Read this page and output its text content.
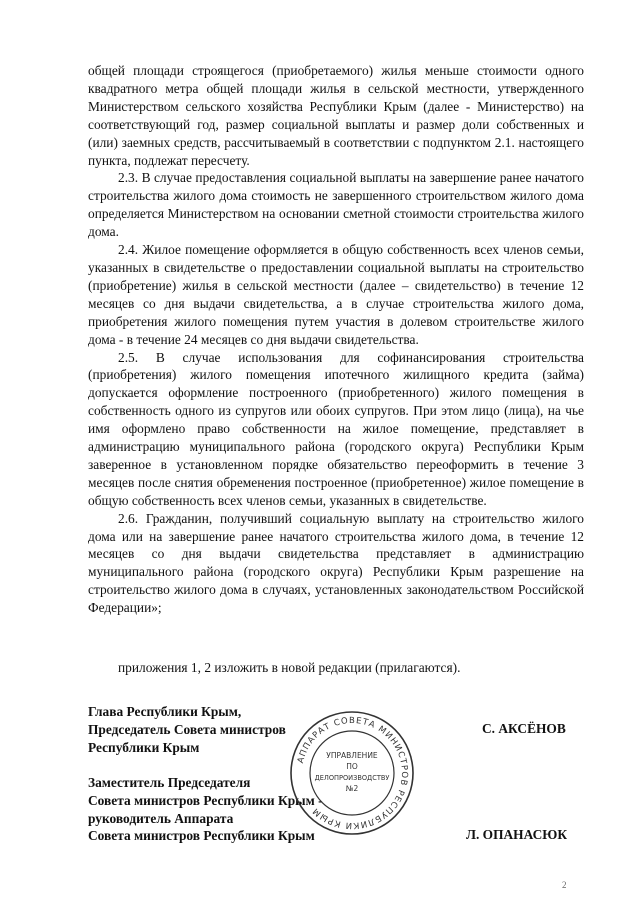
общей площади строящегося (приобретаемого) жилья меньше стоимости одного квадратного метра общей площади жилья в сельской местности, утвержденного Министерством сельского хозяйства Республики Крым (далее - Министерство) на соответствующий год, размер социальной выплаты и размер доли собственных и (или) заемных средств, рассчитываемый в соответствии с подпунктом 2.1. настоящего пункта, подлежат пересчету.

2.3. В случае предоставления социальной выплаты на завершение ранее начатого строительства жилого дома стоимость не завершенного строительством жилого дома определяется Министерством на основании сметной стоимости строительства жилого дома.

2.4. Жилое помещение оформляется в общую собственность всех членов семьи, указанных в свидетельстве о предоставлении социальной выплаты на строительство (приобретение) жилья в сельской местности (далее – свидетельство) в течение 12 месяцев со дня выдачи свидетельства, а в случае строительства жилого дома, приобретения жилого помещения путем участия в долевом строительстве жилого дома - в течение 24 месяцев со дня выдачи свидетельства.

2.5. В случае использования для софинансирования строительства (приобретения) жилого помещения ипотечного жилищного кредита (займа) допускается оформление построенного (приобретенного) жилого помещения в собственность одного из супругов или обоих супругов. При этом лицо (лица), на чье имя оформлено право собственности на жилое помещение, представляет в администрацию муниципального района (городского округа) Республики Крым заверенное в установленном порядке обязательство переоформить в течение 3 месяцев после снятия обременения построенное (приобретенное) жилое помещение в общую собственность всех членов семьи, указанных в свидетельстве.

2.6. Гражданин, получивший социальную выплату на строительство жилого дома или на завершение ранее начатого строительства жилого дома, в течение 12 месяцев со дня выдачи свидетельства представляет в администрацию муниципального района (городского округа) Республики Крым разрешение на строительство жилого дома в случаях, установленных законодательством Российской Федерации»;

приложения 1, 2 изложить в новой редакции (прилагаются).
Глава Республики Крым,
Председатель Совета министров
Республики Крым
С. АКСЁНОВ
Заместитель Председателя
Совета министров Республики Крым -
руководитель Аппарата
Совета министров Республики Крым	Л. ОПАНАСЮК
АППАРАТ СОВЕТА МИНИСТРОВ РЕСПУБЛИКИ КРЫМ
УПРАВЛЕНИЕ
ПО
ДЕЛОПРОИЗВОДСТВУ
№2
2
